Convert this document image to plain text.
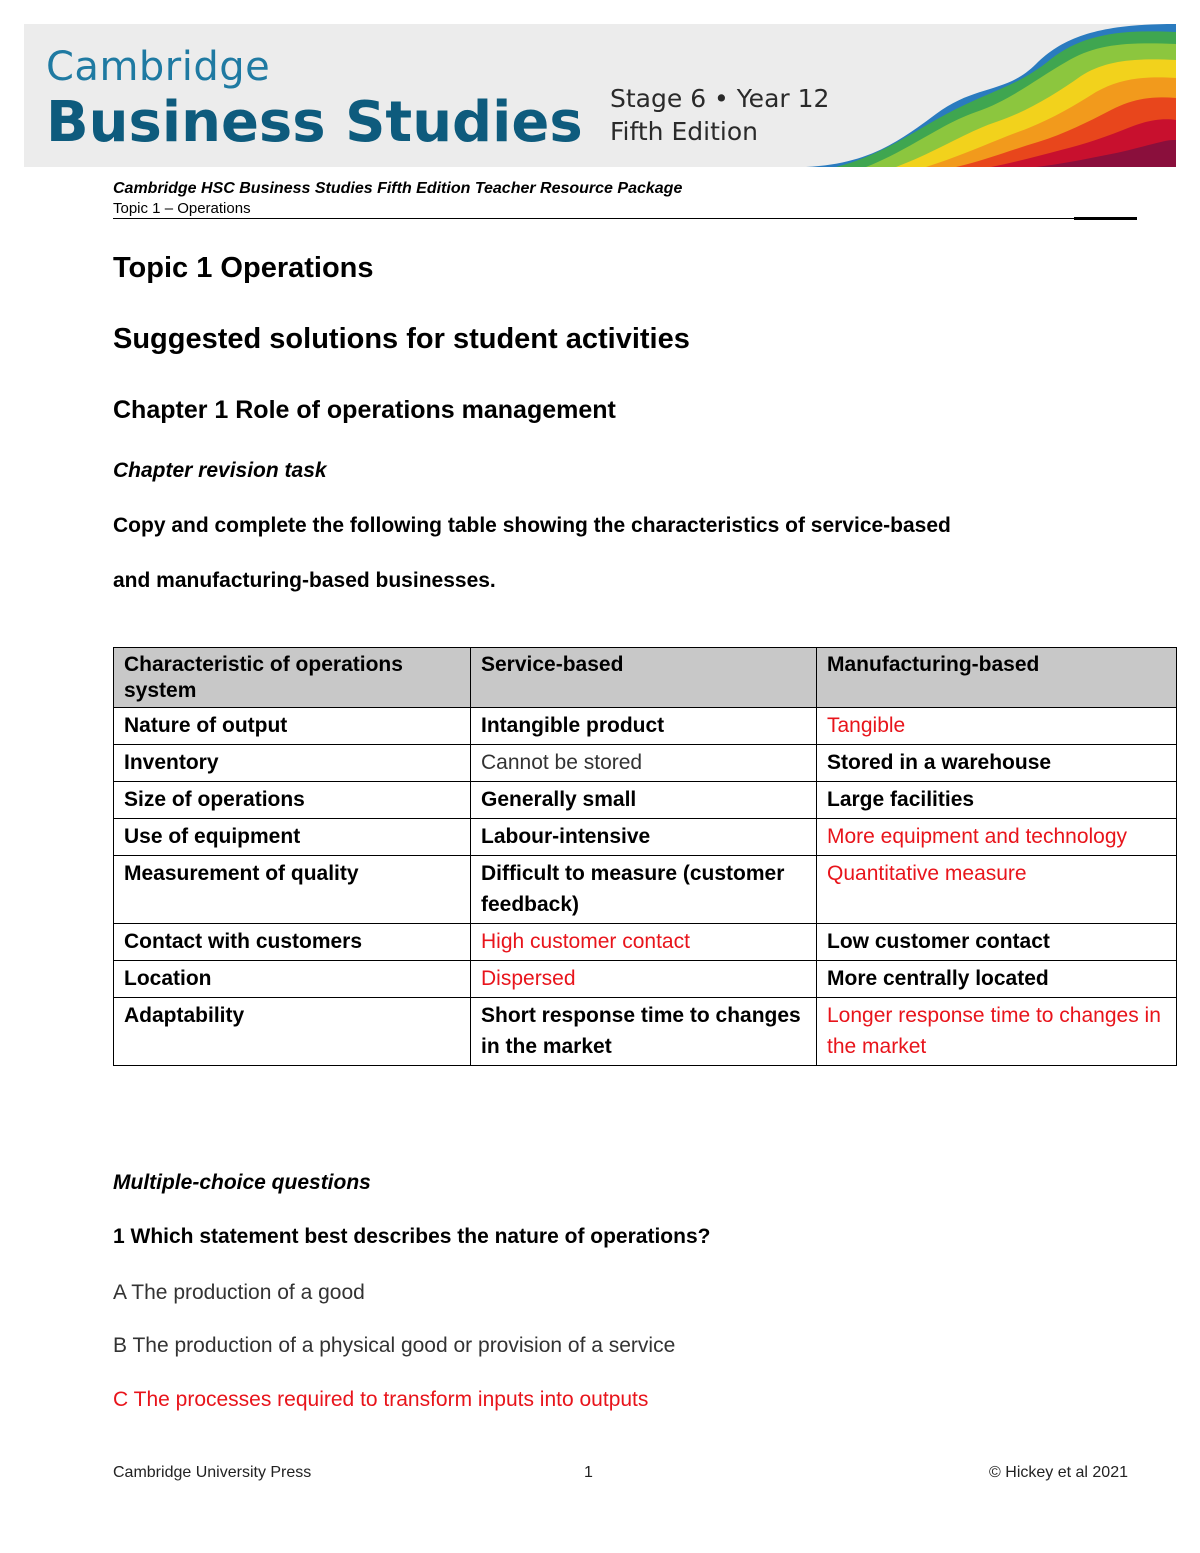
Cambridge
Business Studies Stage 6 • Year 12
Fifth Edition
Cambridge HSC Business Studies Fifth Edition Teacher Resource Package
Topic 1 – Operations
Topic 1 Operations
Suggested solutions for student activities
Chapter 1 Role of operations management
Chapter revision task
Copy and complete the following table showing the characteristics of service-based
and manufacturing-based businesses.
Characteristic of operations system	Service-based	Manufacturing-based
Nature of output	Intangible product	Tangible
Inventory	Cannot be stored	Stored in a warehouse
Size of operations	Generally small	Large facilities
Use of equipment	Labour-intensive	More equipment and technology
Measurement of quality	Difficult to measure (customer feedback)	Quantitative measure
Contact with customers	High customer contact	Low customer contact
Location	Dispersed	More centrally located
Adaptability	Short response time to changes in the market	Longer response time to changes in the market
Multiple-choice questions
1 Which statement best describes the nature of operations?
A The production of a good
B The production of a physical good or provision of a service
C The processes required to transform inputs into outputs
Cambridge University Press	1	© Hickey et al 2021
